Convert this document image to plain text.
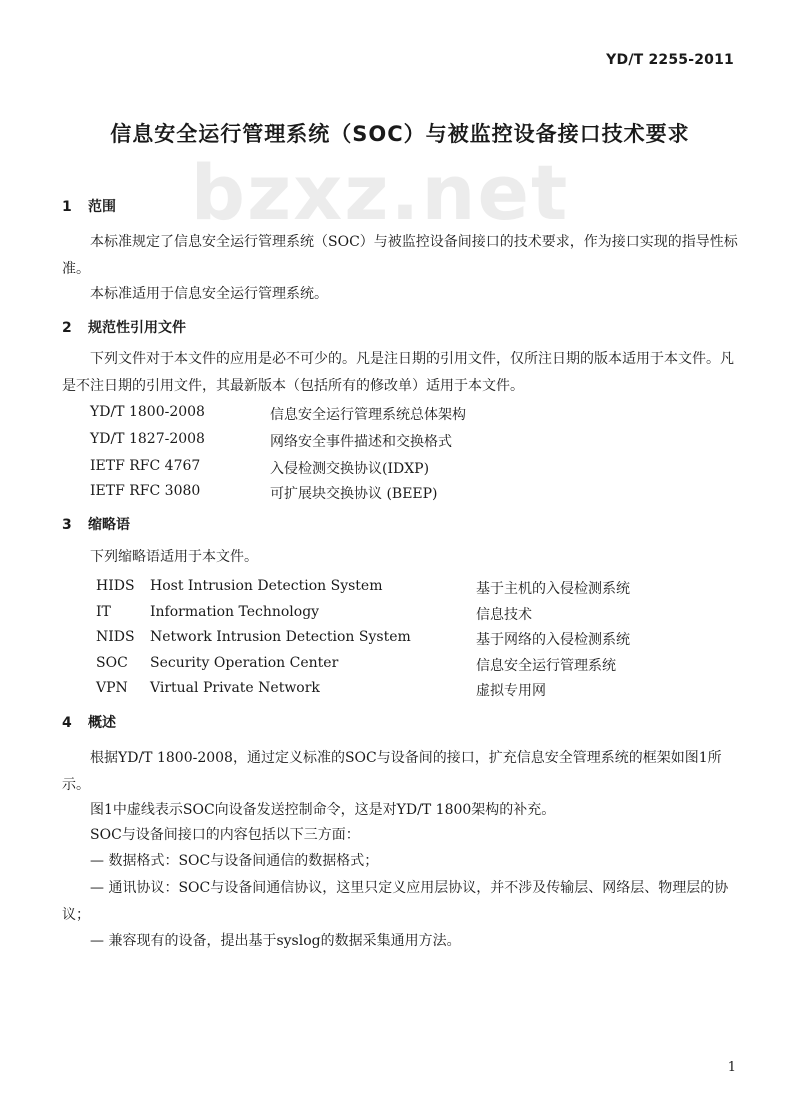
YD/T 2255-2011
bzxz.net
信息安全运行管理系统（SOC）与被监控设备接口技术要求
1 范围
本标准规定了信息安全运行管理系统（SOC）与被监控设备间接口的技术要求，作为接口实现的指导性标准。
本标准适用于信息安全运行管理系统。
2 规范性引用文件
下列文件对于本文件的应用是必不可少的。凡是注日期的引用文件，仅所注日期的版本适用于本文件。凡是不注日期的引用文件，其最新版本（包括所有的修改单）适用于本文件。
YD/T 1800-2008	信息安全运行管理系统总体架构
YD/T 1827-2008	网络安全事件描述和交换格式
IETF RFC 4767	入侵检测交换协议(IDXP)
IETF RFC 3080	可扩展块交换协议 (BEEP)
3 缩略语
下列缩略语适用于本文件。
HIDS Host Intrusion Detection System	基于主机的入侵检测系统
IT	Information Technology	信息技术
NIDS Network Intrusion Detection System	基于网络的入侵检测系统
SOC Security Operation Center	信息安全运行管理系统
VPN Virtual Private Network	虚拟专用网
4 概述
根据YD/T 1800-2008，通过定义标准的SOC与设备间的接口，扩充信息安全管理系统的框架如图1所示。
图1中虚线表示SOC向设备发送控制命令，这是对YD/T 1800架构的补充。
SOC与设备间接口的内容包括以下三方面：
— 数据格式：SOC与设备间通信的数据格式；
— 通讯协议：SOC与设备间通信协议，这里只定义应用层协议，并不涉及传输层、网络层、物理层的协议；
— 兼容现有的设备，提出基于syslog的数据采集通用方法。
1
